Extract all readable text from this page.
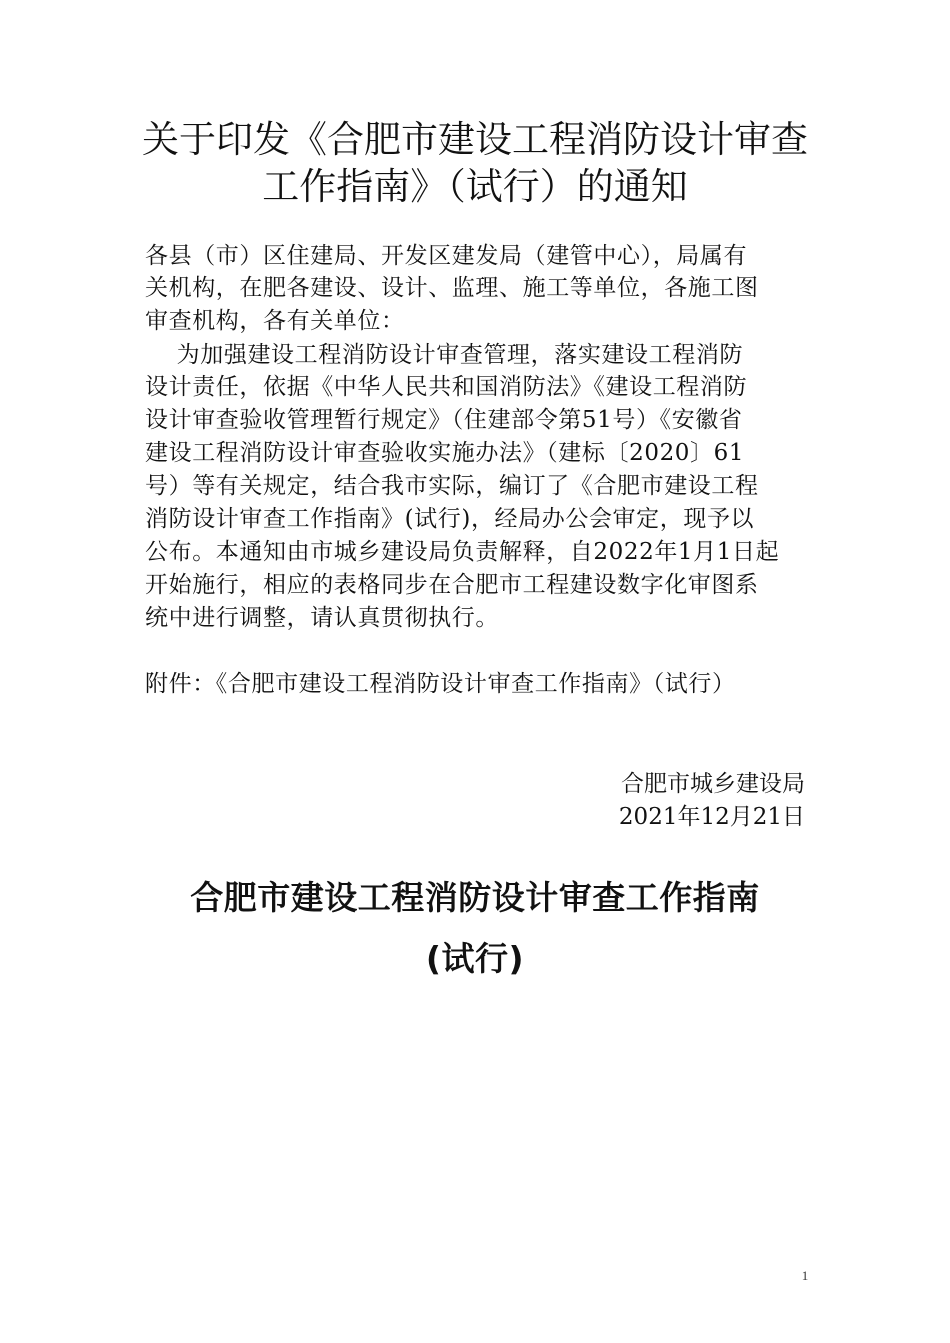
关于印发《合肥市建设工程消防设计审查
工作指南》（试行）的通知
各县（市）区住建局、开发区建发局（建管中心），局属有
关机构，在肥各建设、设计、监理、施工等单位，各施工图
审查机构，各有关单位：
为加强建设工程消防设计审查管理，落实建设工程消防
设计责任，依据《中华人民共和国消防法》《建设工程消防
设计审查验收管理暂行规定》（住建部令第51号）《安徽省
建设工程消防设计审查验收实施办法》（建标〔2020〕61
号）等有关规定，结合我市实际，编订了《合肥市建设工程
消防设计审查工作指南》(试行)，经局办公会审定，现予以
公布。本通知由市城乡建设局负责解释，自2022年1月1日起
开始施行，相应的表格同步在合肥市工程建设数字化审图系
统中进行调整，请认真贯彻执行。
附件：《合肥市建设工程消防设计审查工作指南》（试行）
合肥市城乡建设局
2021年12月21日
合肥市建设工程消防设计审查工作指南
(试行)
1
